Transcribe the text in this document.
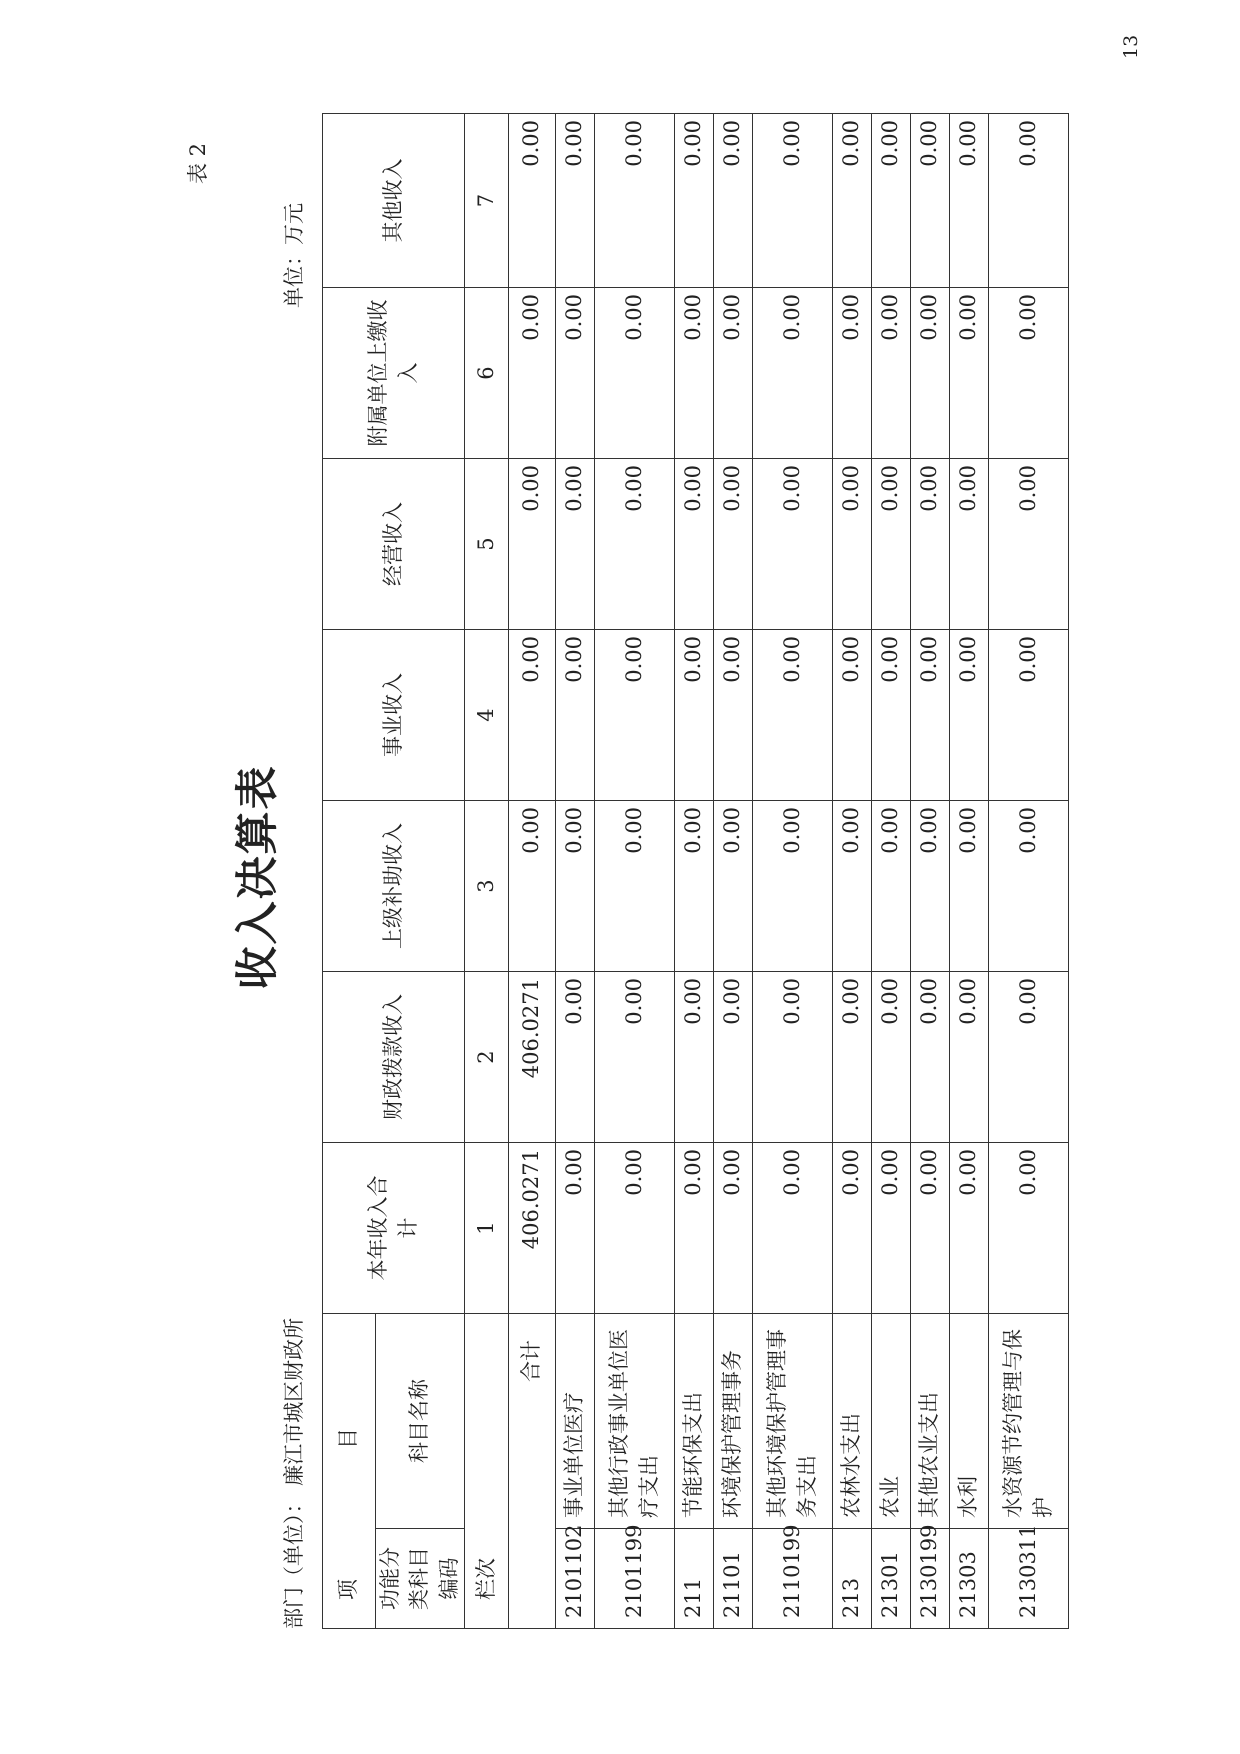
表 2
收入决算表
部门（单位）： 廉江市城区财政所
单位：万元
项目		本年收入合计	财政拨款收入	上级补助收入	事业收入	经营收入	附属单位上缴收入	其他收入
功能分类科目编码	科目名称							
栏次		1	2	3	4	5	6	7
合计		406.0271	406.0271	0.00	0.00	0.00	0.00	0.00
2101102	事业单位医疗	0.00	0.00	0.00	0.00	0.00	0.00	0.00
2101199	其他行政事业单位医疗支出	0.00	0.00	0.00	0.00	0.00	0.00	0.00
211	节能环保支出	0.00	0.00	0.00	0.00	0.00	0.00	0.00
21101	环境保护管理事务	0.00	0.00	0.00	0.00	0.00	0.00	0.00
2110199	其他环境保护管理事务支出	0.00	0.00	0.00	0.00	0.00	0.00	0.00
213	农林水支出	0.00	0.00	0.00	0.00	0.00	0.00	0.00
21301	农业	0.00	0.00	0.00	0.00	0.00	0.00	0.00
2130199	其他农业支出	0.00	0.00	0.00	0.00	0.00	0.00	0.00
21303	水利	0.00	0.00	0.00	0.00	0.00	0.00	0.00
2130311	水资源节约管理与保护	0.00	0.00	0.00	0.00	0.00	0.00	0.00
13
